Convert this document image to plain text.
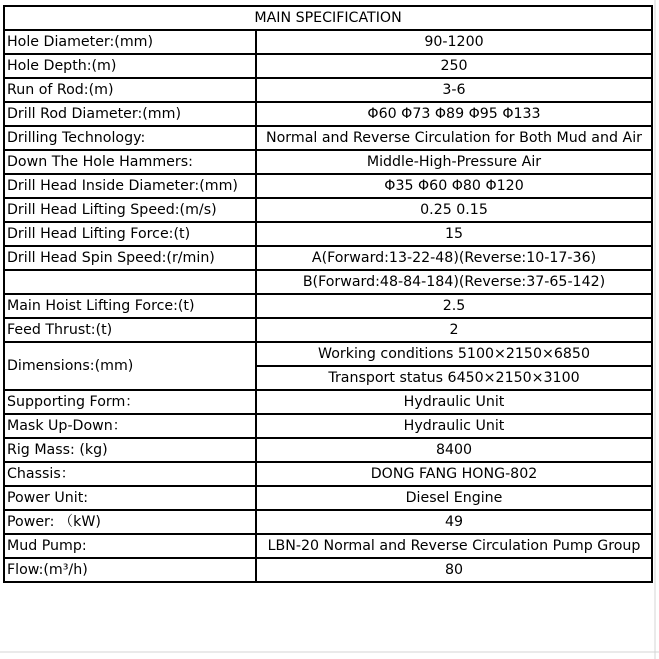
MAIN SPECIFICATION	
Hole Diameter:(mm)	90-1200
Hole Depth:(m)	250
Run of Rod:(m)	3-6
Drill Rod Diameter:(mm)	Φ60 Φ73 Φ89 Φ95 Φ133
Drilling Technology:	Normal and Reverse Circulation for Both Mud and Air
Down The Hole Hammers:	Middle-High-Pressure Air
Drill Head Inside Diameter:(mm)	Φ35 Φ60 Φ80 Φ120
Drill Head Lifting Speed:(m/s)	0.25 0.15
Drill Head Lifting Force:(t)	15
Drill Head Spin Speed:(r/min)	A(Forward:13-22-48)(Reverse:10-17-36)
	B(Forward:48-84-184)(Reverse:37-65-142)
Main Hoist Lifting Force:(t)	2.5
Feed Thrust:(t)	2
Dimensions:(mm)	Working conditions 5100×2150×6850
	Transport status 6450×2150×3100
Supporting Form：	Hydraulic Unit
Mask Up-Down：	Hydraulic Unit
Rig Mass: (kg)	8400
Chassis：	DONG FANG HONG-802
Power Unit:	Diesel Engine
Power: （kW)	49
Mud Pump:	LBN-20 Normal and Reverse Circulation Pump Group
Flow:(m³/h)	80
